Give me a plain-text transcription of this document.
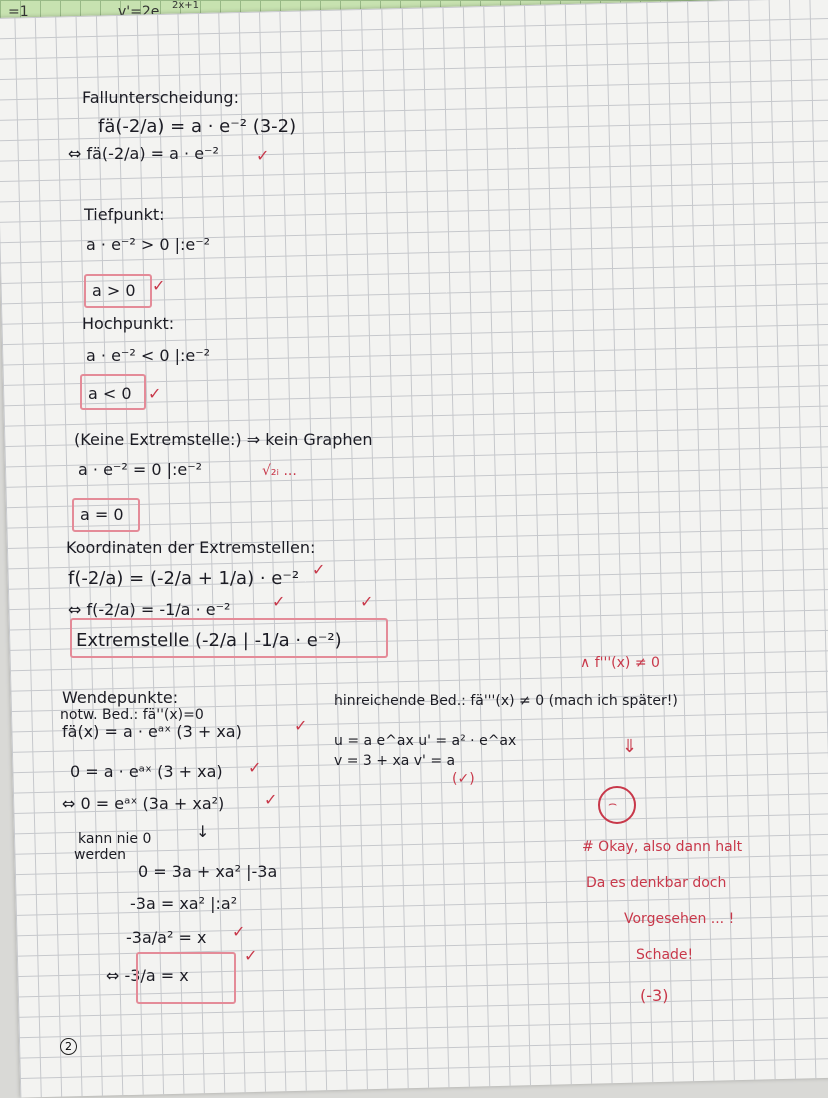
=1	v'=2e 2x+1
Fallunterscheidung:
fä(-2/a) = a · e⁻² (3-2)
⇔ fä(-2/a) = a · e⁻² ✓
Tiefpunkt:
a · e⁻² > 0 |:e⁻²
a > 0 ✓
Hochpunkt:
a · e⁻² < 0 |:e⁻²
a < 0 ✓
(Keine Extremstelle:) ⇒ kein Graphen
a · e⁻² = 0 |:e⁻²	√₂ᵢ ...
a = 0
Koordinaten der Extremstellen:
f(-2/a) = (-2/a + 1/a) · e⁻² ✓
⇔ f(-2/a) = -1/a · e⁻²	✓
Extremstelle (-2/a | -1/a · e⁻²)
✓
Wendepunkte:
notw. Bed.: fä''(x)=0
fä(x) = a · eᵃˣ (3 + xa)	✓
0 = a · eᵃˣ (3 + xa) ✓
⇔ 0 = eᵃˣ (3a + xa²) ✓
kann nie 0
werden
↓
0 = 3a + xa² |-3a
-3a = xa² |:a²
-3a/a² = x ✓
⇔ -3/a = x
✓
∧ f'''(x) ≠ 0
hinreichende Bed.: fä'''(x) ≠ 0 (mach ich später!)
u = a e^ax u' = a² · e^ax
v = 3 + xa v' = a
(✓)
⇓
⌢
# Okay, also dann halt
Da es denkbar doch
Vorgesehen ... !
Schade!
(-3)
2
